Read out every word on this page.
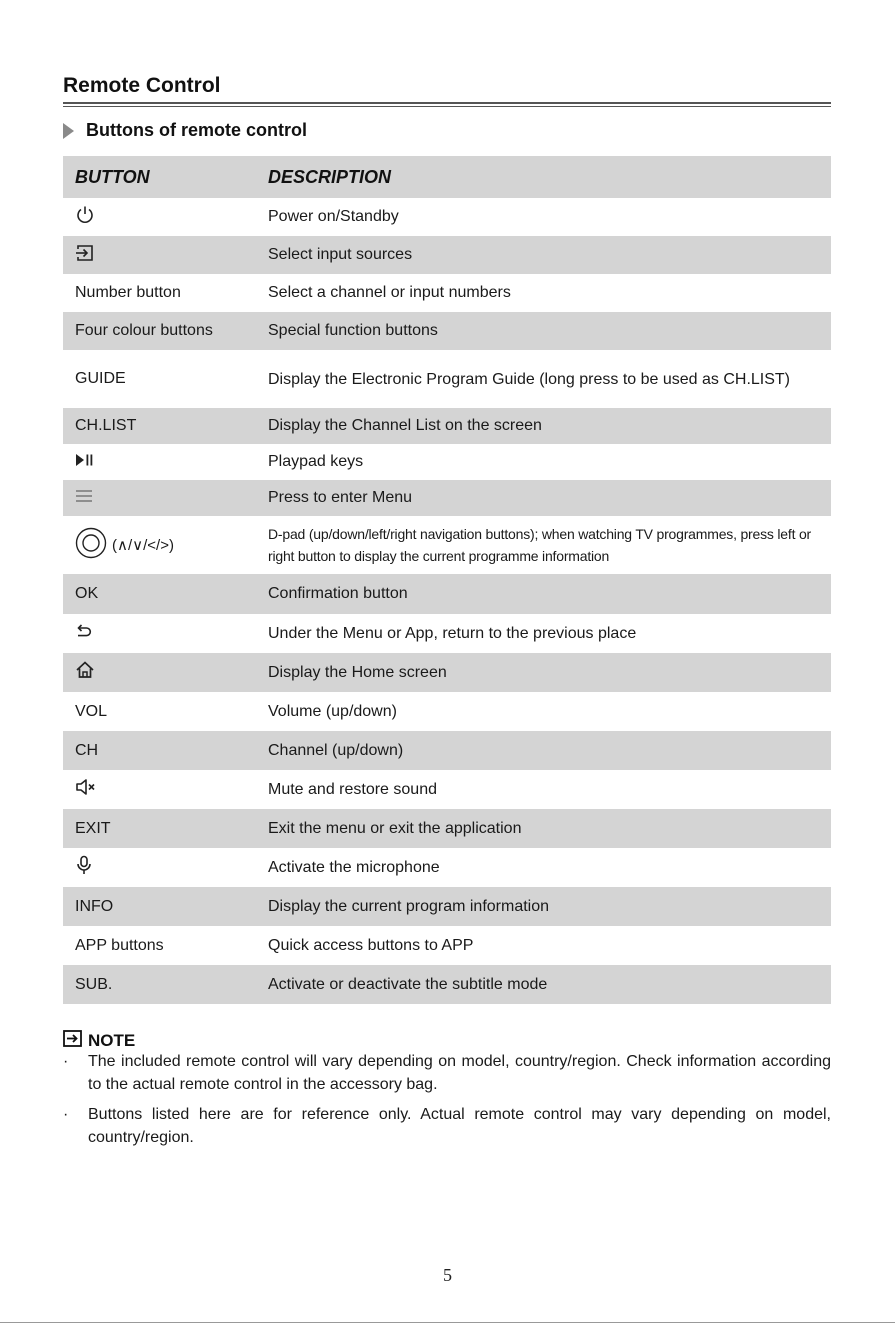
Remote Control
Buttons of remote control
BUTTON	DESCRIPTION
	Power on/Standby
	Select input sources
Number button	Select a channel or input numbers
Four colour buttons	Special function buttons
GUIDE	Display the Electronic Program Guide (long press to be used as CH.LIST)
CH.LIST	Display the Channel List on the screen
	Playpad keys
	Press to enter Menu

(∧/∨/</>)	D-pad (up/down/left/right navigation buttons); when watching TV programmes, press left or right button to display the current programme information
OK	Confirmation button
	Under the Menu or App, return to the previous place
	Display the Home screen
VOL	Volume (up/down)
CH	Channel (up/down)
	Mute and restore sound
EXIT	Exit the menu or exit the application
	Activate the microphone
INFO	Display the current program information
APP buttons	Quick access buttons to APP
SUB.	Activate or deactivate the subtitle mode
NOTE
· The included remote control will vary depending on model, country/region. Check information according to the actual remote control in the accessory bag.
· Buttons listed here are for reference only. Actual remote control may vary depending on model, country/region.
5
